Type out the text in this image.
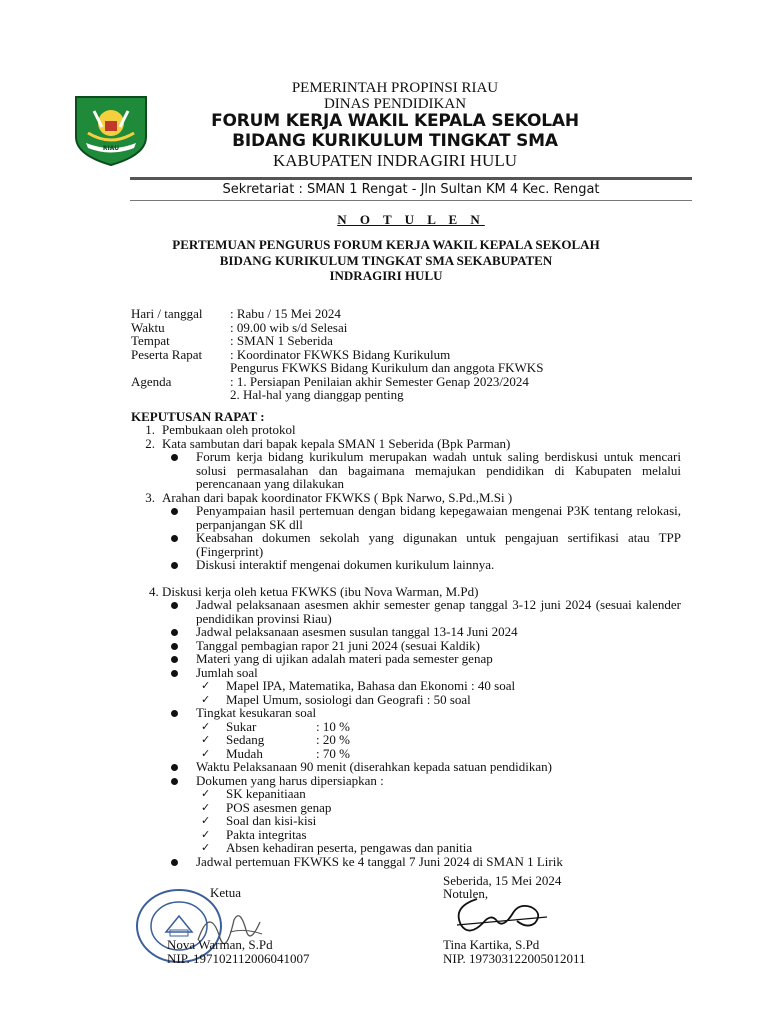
RIAU
PEMERINTAH PROPINSI RIAU
DINAS PENDIDIKAN
FORUM KERJA WAKIL KEPALA SEKOLAH
BIDANG KURIKULUM TINGKAT SMA
KABUPATEN INDRAGIRI HULU
Sekretariat : SMAN 1 Rengat - Jln Sultan KM 4 Kec. Rengat
N O T U L E N
PERTEMUAN PENGURUS FORUM KERJA WAKIL KEPALA SEKOLAH
BIDANG KURIKULUM TINGKAT SMA SEKABUPATEN
INDRAGIRI HULU
Hari / tanggal : Rabu / 15 Mei 2024
Waktu	: 09.00 wib s/d Selesai
Tempat	: SMAN 1 Seberida
Peserta Rapat : Koordinator FKWKS Bidang Kurikulum
Pengurus FKWKS Bidang Kurikulum dan anggota FKWKS
Agenda	: 1. Persiapan Penilaian akhir Semester Genap 2023/2024
2. Hal-hal yang dianggap penting
KEPUTUSAN RAPAT :
1. Pembukaan oleh protokol
2. Kata sambutan dari bapak kepala SMAN 1 Seberida (Bpk Parman)
Forum kerja bidang kurikulum merupakan wadah untuk saling berdiskusi untuk mencari solusi permasalahan dan bagaimana memajukan pendidikan di Kabupaten melalui perencanaan yang dilakukan
3. Arahan dari bapak koordinator FKWKS ( Bpk Narwo, S.Pd.,M.Si )
Penyampaian hasil pertemuan dengan bidang kepegawaian mengenai P3K tentang relokasi, perpanjangan SK dll
Keabsahan dokumen sekolah yang digunakan untuk pengajuan sertifikasi atau TPP (Fingerprint)
Diskusi interaktif mengenai dokumen kurikulum lainnya.
4. Diskusi kerja oleh ketua FKWKS (ibu Nova Warman, M.Pd)
Jadwal pelaksanaan asesmen akhir semester genap tanggal 3-12 juni 2024 (sesuai kalender pendidikan provinsi Riau)
Jadwal pelaksanaan asesmen susulan tanggal 13-14 Juni 2024
Tanggal pembagian rapor 21 juni 2024 (sesuai Kaldik)
Materi yang di ujikan adalah materi pada semester genap
Jumlah soal
✓ Mapel IPA, Matematika, Bahasa dan Ekonomi : 40 soal
✓ Mapel Umum, sosiologi dan Geografi : 50 soal
Tingkat kesukaran soal
✓ Sukar	: 10 %
✓ Sedang	: 20 %
✓ Mudah	: 70 %
Waktu Pelaksanaan 90 menit (diserahkan kepada satuan pendidikan)
Dokumen yang harus dipersiapkan :
✓ SK kepanitiaan
✓ POS asesmen genap
✓ Soal dan kisi-kisi
✓ Pakta integritas
✓ Absen kehadiran peserta, pengawas dan panitia
Jadwal pertemuan FKWKS ke 4 tanggal 7 Juni 2024 di SMAN 1 Lirik
Ketua
Nova Warman, S.Pd
NIP. 197102112006041007
Seberida, 15 Mei 2024
Notulen,
Tina Kartika, S.Pd
NIP. 197303122005012011
